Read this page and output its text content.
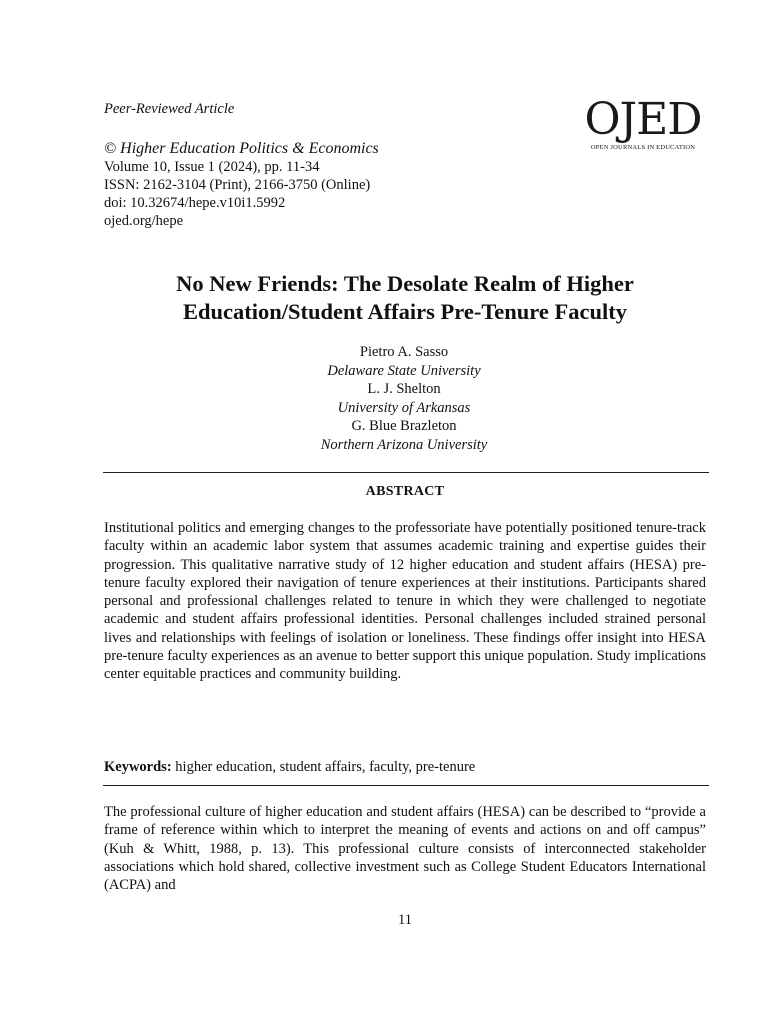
Peer-Reviewed Article
© Higher Education Politics & Economics
Volume 10, Issue 1 (2024), pp. 11-34
ISSN: 2162-3104 (Print), 2166-3750 (Online)
doi: 10.32674/hepe.v10i1.5992
ojed.org/hepe
OJED
OPEN JOURNALS IN EDUCATION
No New Friends: The Desolate Realm of Higher
Education/Student Affairs Pre-Tenure Faculty
Pietro A. Sasso
Delaware State University
L. J. Shelton
University of Arkansas
G. Blue Brazleton
Northern Arizona University
ABSTRACT
Institutional politics and emerging changes to the professoriate have potentially positioned tenure-track faculty within an academic labor system that assumes academic training and expertise guides their progression. This qualitative narrative study of 12 higher education and student affairs (HESA) pre-tenure faculty explored their navigation of tenure experiences at their institutions. Participants shared personal and professional challenges related to tenure in which they were challenged to negotiate academic and student affairs professional identities. Personal challenges included strained personal lives and relationships with feelings of isolation or loneliness. These findings offer insight into HESA pre-tenure faculty experiences as an avenue to better support this unique population. Study implications center equitable practices and community building.
Keywords: higher education, student affairs, faculty, pre-tenure
The professional culture of higher education and student affairs (HESA) can be described to “provide a frame of reference within which to interpret the meaning of events and actions on and off campus” (Kuh & Whitt, 1988, p. 13). This professional culture consists of interconnected stakeholder associations which hold shared, collective investment such as College Student Educators International (ACPA) and
11
